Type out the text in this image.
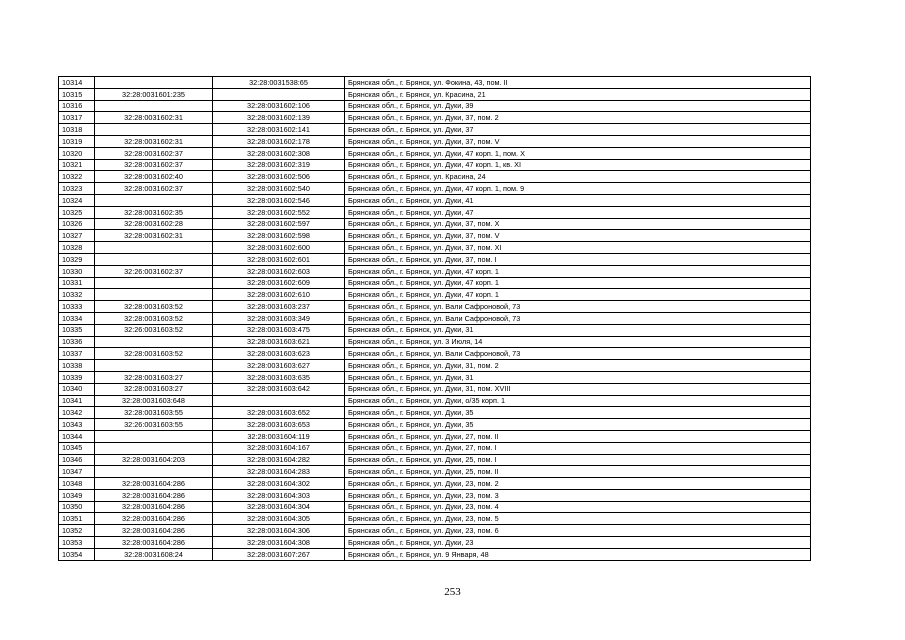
10314		32:28:0031538:65	Брянская обл., г. Брянск, ул. Фокина, 43, пом. II
10315	32:28:0031601:235		Брянская обл., г. Брянск, ул. Красина, 21
10316		32:28:0031602:106	Брянская обл., г. Брянск, ул. Дуки, 39
10317	32:28:0031602:31	32:28:0031602:139	Брянская обл., г. Брянск, ул. Дуки, 37, пом. 2
10318		32:28:0031602:141	Брянская обл., г. Брянск, ул. Дуки, 37
10319	32:28:0031602:31	32:28:0031602:178	Брянская обл., г. Брянск, ул. Дуки, 37, пом. V
10320	32:28:0031602:37	32:28:0031602:308	Брянская обл., г. Брянск, ул. Дуки, 47 корп. 1, пом. X
10321	32:28:0031602:37	32:28:0031602:319	Брянская обл., г. Брянск, ул. Дуки, 47 корп. 1, кв. XI
10322	32:28:0031602:40	32:28:0031602:506	Брянская обл., г. Брянск, ул. Красина, 24
10323	32:28:0031602:37	32:28:0031602:540	Брянская обл., г. Брянск, ул. Дуки, 47 корп. 1, пом. 9
10324		32:28:0031602:546	Брянская обл., г. Брянск, ул. Дуки, 41
10325	32:28:0031602:35	32:28:0031602:552	Брянская обл., г. Брянск, ул. Дуки, 47
10326	32:28:0031602:28	32:28:0031602:597	Брянская обл., г. Брянск, ул. Дуки, 37, пом. X
10327	32:28:0031602:31	32:28:0031602:598	Брянская обл., г. Брянск, ул. Дуки, 37, пом. V
10328		32:28:0031602:600	Брянская обл., г. Брянск, ул. Дуки, 37, пом. XI
10329		32:28:0031602:601	Брянская обл., г. Брянск, ул. Дуки, 37, пом. I
10330	32:26:0031602:37	32:28:0031602:603	Брянская обл., г. Брянск, ул. Дуки, 47 корп. 1
10331		32:28:0031602:609	Брянская обл., г. Брянск, ул. Дуки, 47 корп. 1
10332		32:28:0031602:610	Брянская обл., г. Брянск, ул. Дуки, 47 корп. 1
10333	32:28:0031603:52	32:28:0031603:237	Брянская обл., г. Брянск, ул. Вали Сафроновой, 73
10334	32:28:0031603:52	32:28:0031603:349	Брянская обл., г. Брянск, ул. Вали Сафроновой, 73
10335	32:26:0031603:52	32:28:0031603:475	Брянская обл., г. Брянск, ул. Дуки, 31
10336		32:28:0031603:621	Брянская обл., г. Брянск, ул. 3 Июля, 14
10337	32:28:0031603:52	32:28:0031603:623	Брянская обл., г. Брянск, ул. Вали Сафроновой, 73
10338		32:28:0031603:627	Брянская обл., г. Брянск, ул. Дуки, 31, пом. 2
10339	32:28:0031603:27	32:28:0031603:635	Брянская обл., г. Брянск, ул. Дуки, 31
10340	32:28:0031603:27	32:28:0031603:642	Брянская обл., г. Брянск, ул. Дуки, 31, пом. XVIII
10341	32:28:0031603:648		Брянская обл., г. Брянск, ул. Дуки, о/35 корп. 1
10342	32:28:0031603:55	32:28:0031603:652	Брянская обл., г. Брянск, ул. Дуки, 35
10343	32:26:0031603:55	32:28:0031603:653	Брянская обл., г. Брянск, ул. Дуки, 35
10344		32:28:0031604:119	Брянская обл., г. Брянск, ул. Дуки, 27, пом. II
10345		32:28:0031604:167	Брянская обл., г. Брянск, ул. Дуки, 27, пом. I
10346	32:28:0031604:203	32:28:0031604:282	Брянская обл., г. Брянск, ул. Дуки, 25, пом. I
10347		32:28:0031604:283	Брянская обл., г. Брянск, ул. Дуки, 25, пом. II
10348	32:28:0031604:286	32:28:0031604:302	Брянская обл., г. Брянск, ул. Дуки, 23, пом. 2
10349	32:28:0031604:286	32:28:0031604:303	Брянская обл., г. Брянск, ул. Дуки, 23, пом. 3
10350	32:28:0031604:286	32:28:0031604:304	Брянская обл., г. Брянск, ул. Дуки, 23, пом. 4
10351	32:28:0031604:286	32:28:0031604:305	Брянская обл., г. Брянск, ул. Дуки, 23, пом. 5
10352	32:28:0031604:286	32:28:0031604:306	Брянская обл., г. Брянск, ул. Дуки, 23, пом. 6
10353	32:28:0031604:286	32:28:0031604:308	Брянская обл., г. Брянск, ул. Дуки, 23
10354	32:28:0031608:24	32:28:0031607:267	Брянская обл., г. Брянск, ул. 9 Января, 48
253
